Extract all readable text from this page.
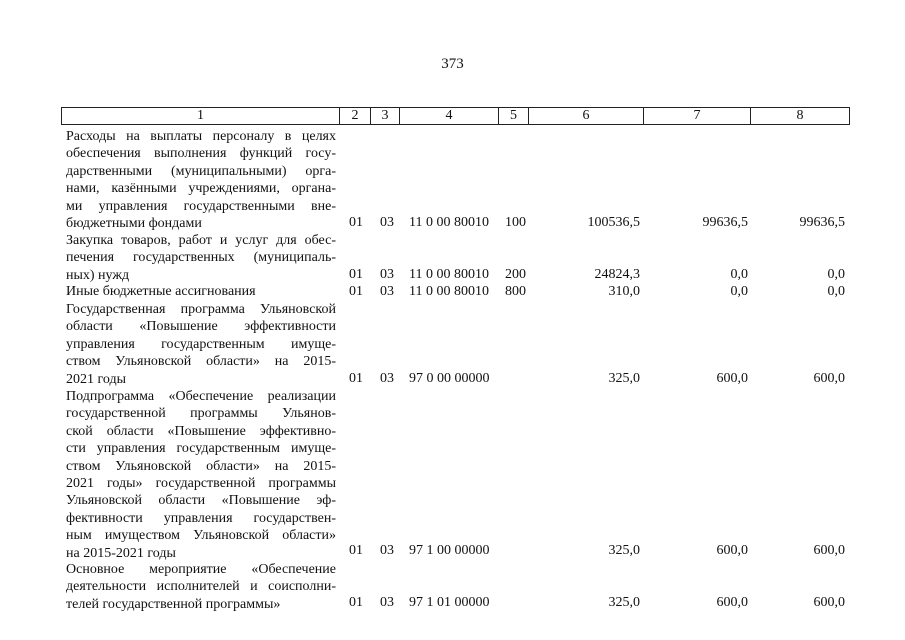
373
1	2	3	4	5	6	7	8
Расходы на выплаты персоналу в целях
обеспечения выполнения функций госу-
дарственными (муниципальными) орга-
нами, казёнными учреждениями, органа-
ми управления государственными вне-
бюджетными фондами	01 03 11 0 00 80010 100	100536,5	99636,5	99636,5
Закупка товаров, работ и услуг для обес-
печения государственных (муниципаль-
ных) нужд	01 03 11 0 00 80010 200	24824,3	0,0	0,0
Иные бюджетные ассигнования	01 03 11 0 00 80010 800	310,0	0,0	0,0
Государственная программа Ульяновской
области «Повышение эффективности
управления государственным имуще-
ством Ульяновской области» на 2015-
2021 годы	01 03 97 0 00 00000	325,0	600,0	600,0
Подпрограмма «Обеспечение реализации
государственной программы Ульянов-
ской области «Повышение эффективно-
сти управления государственным имуще-
ством Ульяновской области» на 2015-
2021 годы» государственной программы
Ульяновской области «Повышение эф-
фективности управления государствен-
ным имуществом Ульяновской области»
на 2015-2021 годы	01 03 97 1 00 00000	325,0	600,0	600,0
Основное мероприятие «Обеспечение
деятельности исполнителей и соисполни-
телей государственной программы»	01 03 97 1 01 00000	325,0	600,0	600,0
